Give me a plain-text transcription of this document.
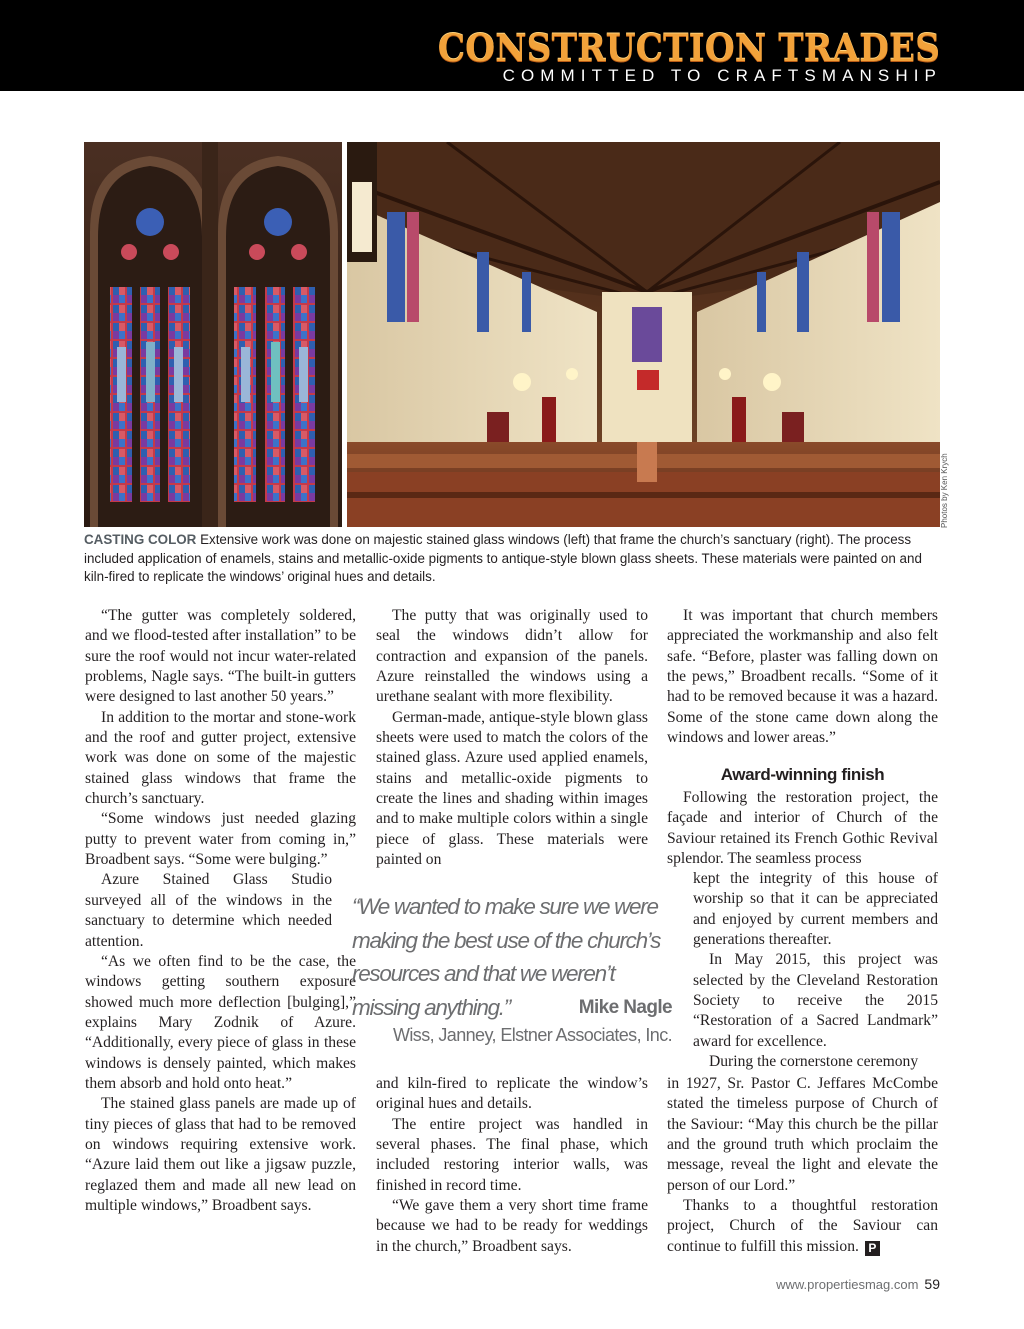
CONSTRUCTION TRADES
COMMITTED TO CRAFTSMANSHIP
Photos by Ken Krych
CASTING COLOR Extensive work was done on majestic stained glass windows (left) that frame the church’s sanctuary (right). The process included application of enamels, stains and metallic-oxide pigments to antique-style blown glass sheets. These materials were painted on and kiln-fired to replicate the windows’ original hues and details.

“The gutter was completely soldered, and we flood-tested after installation” to be sure the roof would not incur water-related problems, Nagle says. “The built-in gutters were designed to last another 50 years.”

In addition to the mortar and stone-work and the roof and gutter project, extensive work was done on some of the majestic stained glass windows that frame the church’s sanctuary.

“Some windows just needed glazing putty to prevent water from coming in,” Broadbent says. “Some were bulging.”

Azure Stained Glass Studio surveyed all of the windows in the sanctuary to determine which needed attention.

“As we often find to be the case, the windows getting southern exposure showed much more deflection [bulging],” explains Mary Zodnik of Azure. “Additionally, every piece of glass in these windows is densely painted, which makes them absorb and hold onto heat.”

The stained glass panels are made up of tiny pieces of glass that had to be removed on windows requiring extensive work. “Azure laid them out like a jigsaw puzzle, reglazed them and made all new lead on multiple windows,” Broadbent says.

The putty that was originally used to seal the windows didn’t allow for contraction and expansion of the panels. Azure reinstalled the windows using a urethane sealant with more flexibility.

German-made, antique-style blown glass sheets were used to match the colors of the stained glass. Azure used applied enamels, stains and metallic-oxide pigments to create the lines and shading within images and to make multiple colors within a single piece of glass. These materials were painted on

“We wanted to make sure we were making the best use of the church’s resources and that we weren’t missing anything.”	Mike Nagle
Wiss, Janney, Elstner Associates, Inc.

and kiln-fired to replicate the window’s original hues and details.

The entire project was handled in several phases. The final phase, which included restoring interior walls, was finished in record time.

“We gave them a very short time frame because we had to be ready for weddings in the church,” Broadbent says.

It was important that church members appreciated the workmanship and also felt safe. “Before, plaster was falling down on the pews,” Broadbent recalls. “Some of it had to be removed because it was a hazard. Some of the stone came down along the windows and lower areas.”

Award-winning finish

Following the restoration project, the façade and interior of Church of the Saviour retained its French Gothic Revival splendor. The seamless process

kept the integrity of this house of worship so that it can be appreciated and enjoyed by current members and generations thereafter.

In May 2015, this project was selected by the Cleveland Restoration Society to receive the 2015 “Restoration of a Sacred Landmark” award for excellence.

During the cornerstone ceremony

in 1927, Sr. Pastor C. Jeffares McCombe stated the timeless purpose of Church of the Saviour: “May this church be the pillar and the ground truth which proclaim the message, reveal the light and elevate the person of our Lord.”

Thanks to a thoughtful restoration project, Church of the Saviour can continue to fulfill this mission. P

www.propertiesmag.com 59
